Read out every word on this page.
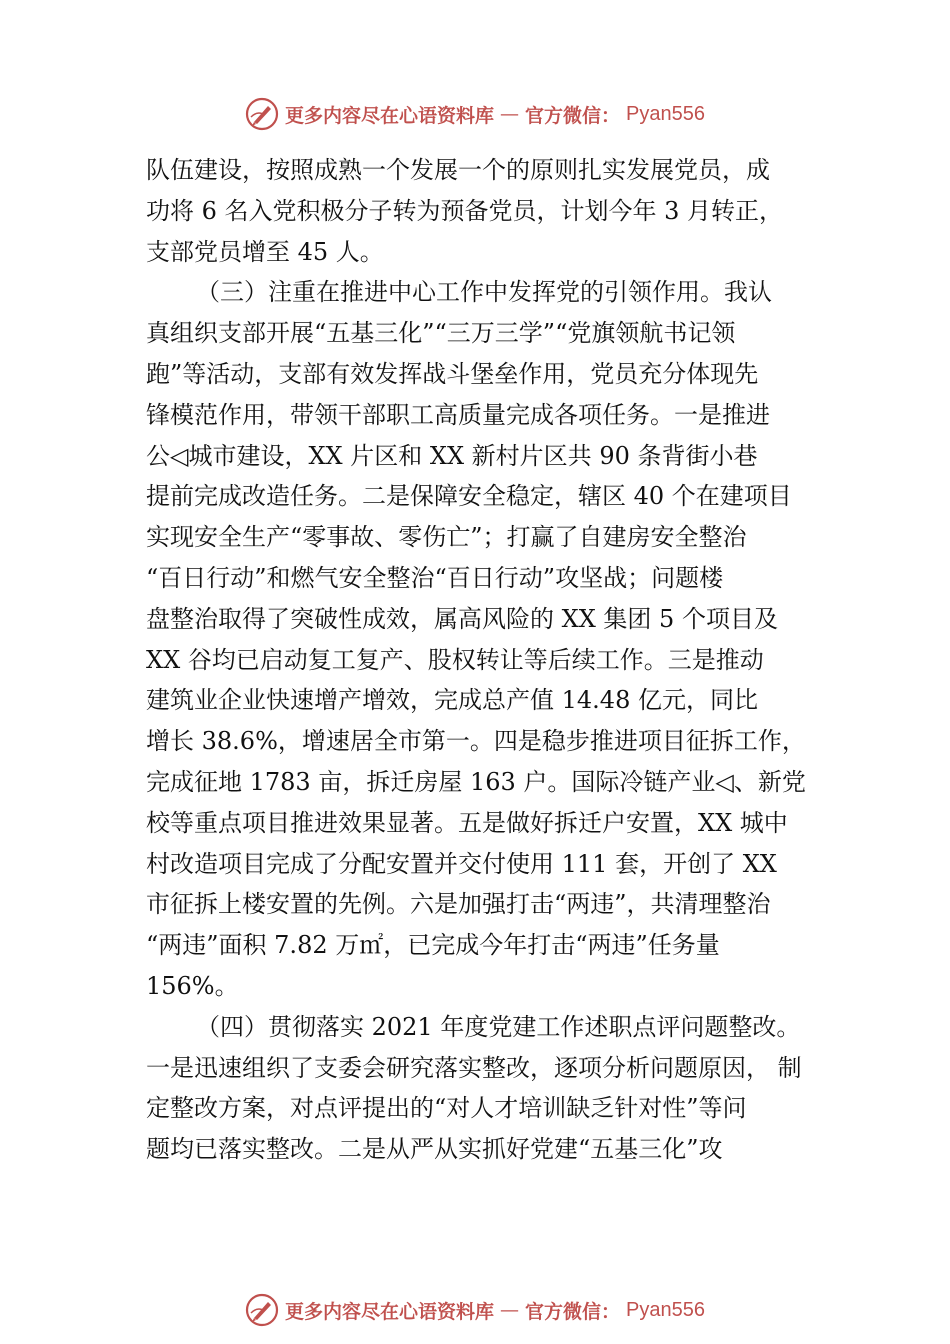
更多内容尽在心语资料库 — 官方微信： Pyan556
队伍建设，按照成熟一个发展一个的原则扎实发展党员，成
功将 6 名入党积极分子转为预备党员，计划今年 3 月转正，
支部党员增至 45 人。
（三）注重在推进中心工作中发挥党的引领作用。我认
真组织支部开展“五基三化”“三万三学”“党旗领航书记领
跑”等活动，支部有效发挥战斗堡垒作用，党员充分体现先
锋模范作用，带领干部职工高质量完成各项任务。一是推进
公◁城市建设，XX 片区和 XX 新村片区共 90 条背街小巷
提前完成改造任务。二是保障安全稳定，辖区 40 个在建项目
实现安全生产“零事故、零伤亡”；打赢了自建房安全整治
“百日行动”和燃气安全整治“百日行动”攻坚战；问题楼
盘整治取得了突破性成效，属高风险的 XX 集团 5 个项目及
XX 谷均已启动复工复产、股权转让等后续工作。三是推动
建筑业企业快速增产增效，完成总产值 14.48 亿元，同比
增长 38.6%，增速居全市第一。四是稳步推进项目征拆工作，
完成征地 1783 亩，拆迁房屋 163 户。国际冷链产业◁、新党
校等重点项目推进效果显著。五是做好拆迁户安置，XX 城中
村改造项目完成了分配安置并交付使用 111 套，开创了 XX
市征拆上楼安置的先例。六是加强打击“两违”，共清理整治
“两违”面积 7.82 万㎡，已完成今年打击“两违”任务量
156%。
（四）贯彻落实 2021 年度党建工作述职点评问题整改。
一是迅速组织了支委会研究落实整改，逐项分析问题原因， 制
定整改方案，对点评提出的“对人才培训缺乏针对性”等问
题均已落实整改。二是从严从实抓好党建“五基三化”攻
更多内容尽在心语资料库 — 官方微信： Pyan556
